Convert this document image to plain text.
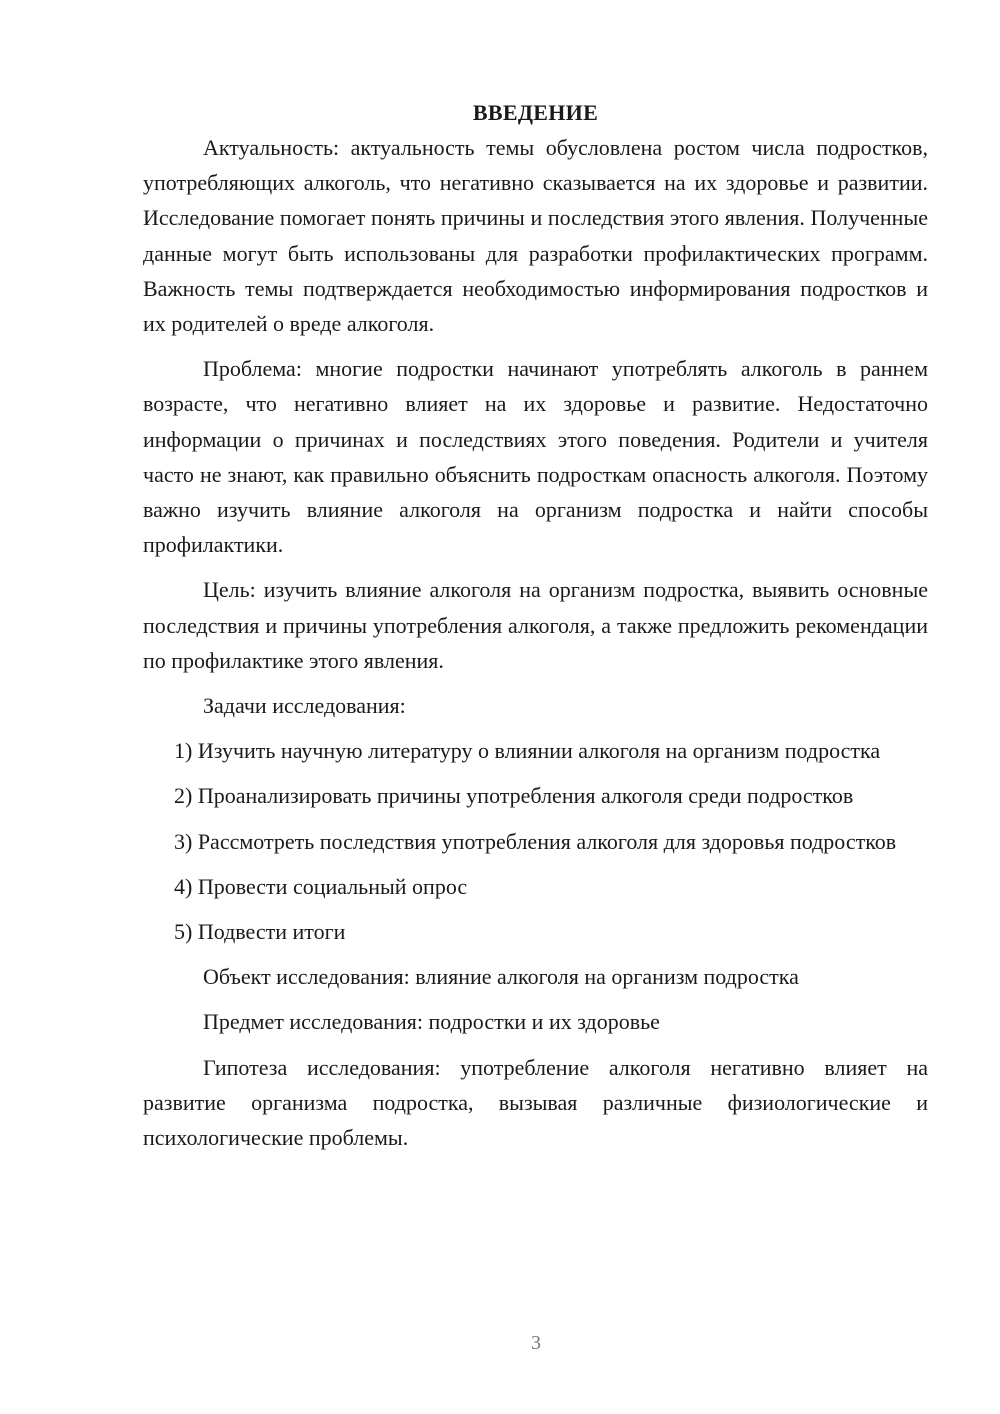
ВВЕДЕНИЕ

Актуальность: актуальность темы обусловлена ростом числа подростков, употребляющих алкоголь, что негативно сказывается на их здоровье и развитии. Исследование помогает понять причины и последствия этого явления. Полученные данные могут быть использованы для разработки профилактических программ. Важность темы подтверждается необходимостью информирования подростков и их родителей о вреде алкоголя.

Проблема: многие подростки начинают употреблять алкоголь в раннем возрасте, что негативно влияет на их здоровье и развитие. Недостаточно информации о причинах и последствиях этого поведения. Родители и учителя часто не знают, как правильно объяснить подросткам опасность алкоголя. Поэтому важно изучить влияние алкоголя на организм подростка и найти способы профилактики.

Цель: изучить влияние алкоголя на организм подростка, выявить основные последствия и причины употребления алкоголя, а также предложить рекомендации по профилактике этого явления.

Задачи исследования:

1) Изучить научную литературу о влиянии алкоголя на организм подростка

2) Проанализировать причины употребления алкоголя среди подростков

3) Рассмотреть последствия употребления алкоголя для здоровья подростков

4) Провести социальный опрос

5) Подвести итоги

Объект исследования: влияние алкоголя на организм подростка

Предмет исследования: подростки и их здоровье

Гипотеза исследования: употребление алкоголя негативно влияет на развитие организма подростка, вызывая различные физиологические и психологические проблемы.

3
